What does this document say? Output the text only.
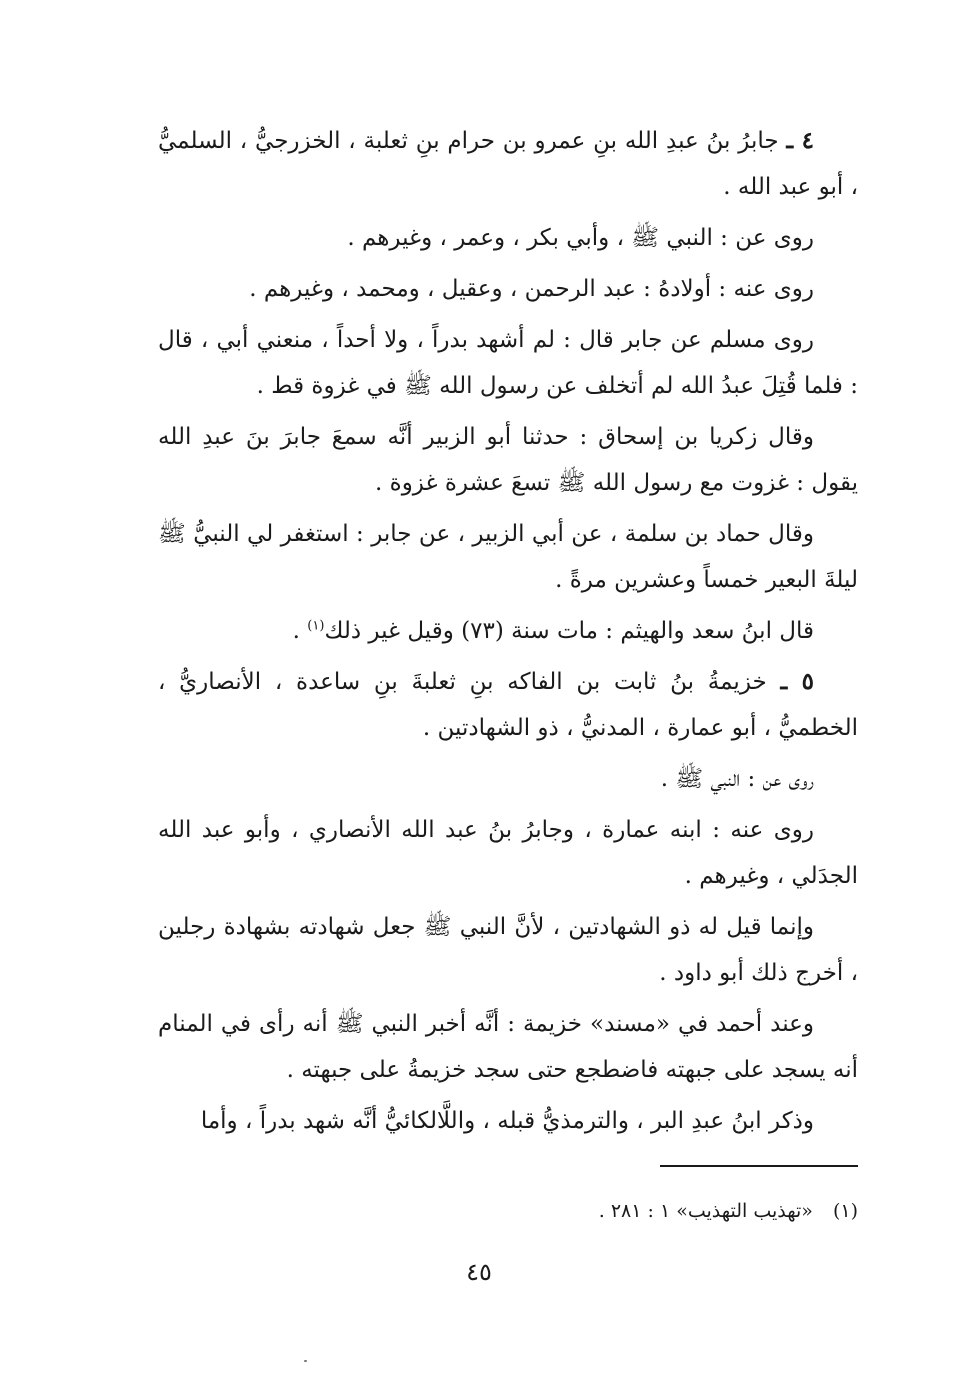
٤ ـ جابرُ بنُ عبدِ الله بنِ عمرو بن حرام بنِ ثعلبة ، الخزرجيُّ ، السلميُّ ، أبو عبد الله .

روى عن : النبي ﷺ ، وأبي بكر ، وعمر ، وغيرهم .

روى عنه : أولادهُ : عبد الرحمن ، وعقيل ، ومحمد ، وغيرهم .

روى مسلم عن جابر قال : لم أشهد بدراً ، ولا أحداً ، منعني أبي ، قال : فلما قُتِلَ عبدُ الله لم أتخلف عن رسول الله ﷺ في غزوة قط .

وقال زكريا بن إسحاق : حدثنا أبو الزبير أنَّه سمعَ جابرَ بنَ عبدِ الله يقول : غزوت مع رسول الله ﷺ تسعَ عشرة غزوة .

وقال حماد بن سلمة ، عن أبي الزبير ، عن جابر : استغفر لي النبيُّ ﷺ ليلةَ البعير خمساً وعشرين مرةً .

قال ابنُ سعد والهيثم : مات سنة (٧٣) وقيل غير ذلك$^{(١)}$ .

٥ ـ خزيمةُ بنُ ثابت بن الفاكه بنِ ثعلبةَ بنِ ساعدة ، الأنصاريُّ ، الخطميُّ ، أبو عمارة ، المدنيُّ ، ذو الشهادتين .

روى عن : النبي ﷺ .

روى عنه : ابنه عمارة ، وجابرُ بنُ عبد الله الأنصاري ، وأبو عبد الله الجدَلي ، وغيرهم .

وإنما قيل له ذو الشهادتين ، لأنَّ النبي ﷺ جعل شهادته بشهادة رجلين ، أخرج ذلك أبو داود .

وعند أحمد في «مسند» خزيمة : أنَّه أخبر النبي ﷺ أنه رأى في المنام أنه يسجد على جبهته فاضطجع حتى سجد خزيمةُ على جبهته .

وذكر ابنُ عبدِ البر ، والترمذيُّ قبله ، واللَّالكائيُّ أنَّه شهد بدراً ، وأما

(١)«تهذيب التهذيب» ١ : ٢٨١ .
٤٥
